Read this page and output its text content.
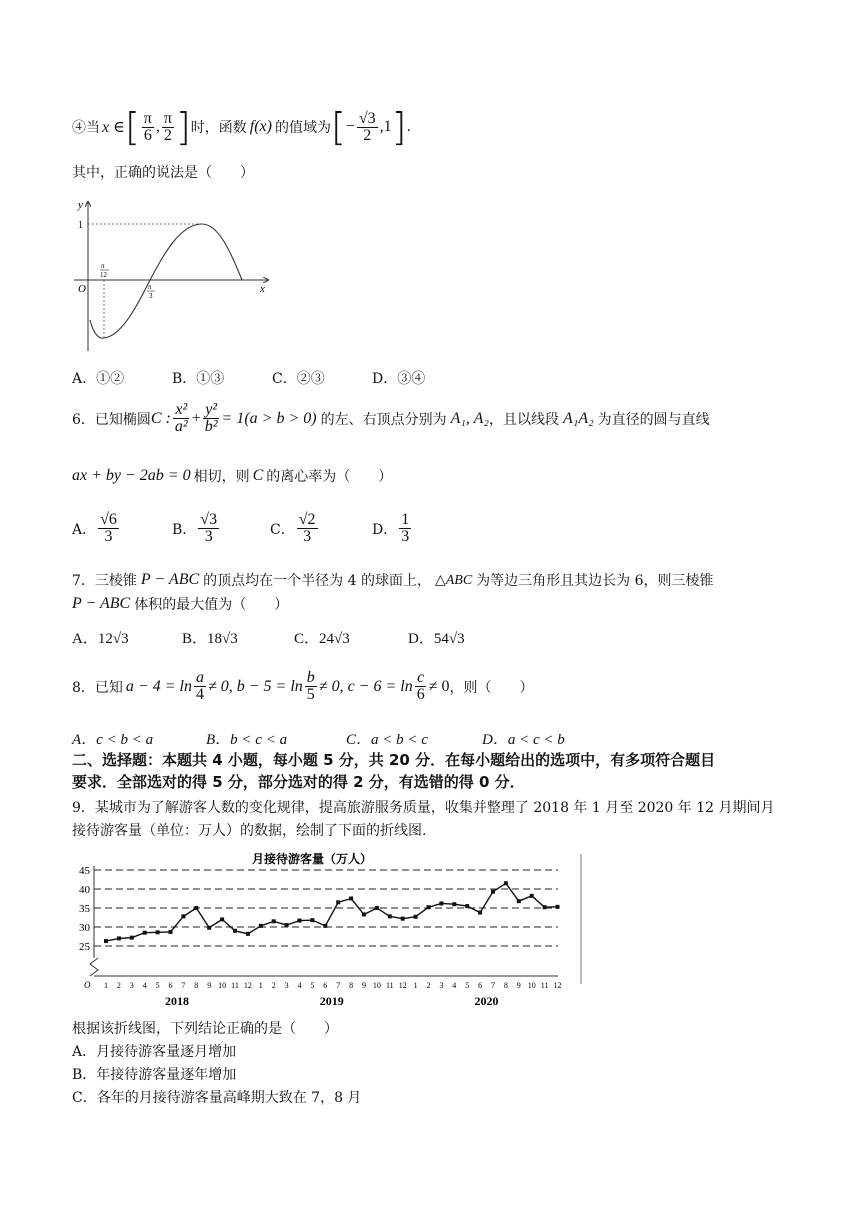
④当 x ∈ [ $\frac{\pi}{6}$ , $\frac{\pi}{2}$ ] 时，函数 f(x) 的值域为 [ − $\frac{√3}{2} ,1$ ] .
其中，正确的说法是（　　）
y
x
O
1
π
12
π
3
A．①②	B．①③	C．②③	D．③④
6．已知椭圆 C : $\frac{\text{x²}}{\text{a²}} + \frac{\text{y²}}{\text{b²}} = 1(a > b > 0)$ 的左、右顶点分别为 A₁, A₂ ，且以线段 A₁A₂ 为直径的圆与直线
ax + by − 2ab = 0 相切，则 C 的离心率为（　　）
A． $\frac{√6}{3}$	B． $\frac{√3}{3}$	C． $\frac{√2}{3}$	D． $\frac{1}{3}$
7．三棱锥 P − ABC 的顶点均在一个半径为 4 的球面上， △ABC 为等边三角形且其边长为 6，则三棱锥
P − ABC 体积的最大值为（　　）
A．12√3	B．18√3	C．24√3	D．54√3
8．已知 $a - 4 = \ln \frac{a}{4} \ne 0$, $b - 5 = \ln \frac{b}{5} \ne 0$, $c - 6 = \ln \frac{c}{6} \ne 0$ ，则（　　）
A．c < b < a	B．b < c < a	C．a < b < c	D．a < c < b
二、选择题：本题共 4 小题，每小题 5 分，共 20 分．在每小题给出的选项中，有多项符合题目
要求．全部选对的得 5 分，部分选对的得 2 分，有选错的得 0 分．
9．某城市为了解游客人数的变化规律，提高旅游服务质量，收集并整理了 2018 年 1 月至 2020 年 12 月期间月
接待游客量（单位：万人）的数据，绘制了下面的折线图.
月接待游客量（万人）
25
30
35
40
45
O 1 2 3 4 5 6 7 8 9 10 11 12 1 2 3 4 5 6 7 8 9 10 11 12 1 2 3 4 5 6 7 8 9 10 11 12
2018	2019	2020
根据该折线图，下列结论正确的是（　　）
A．月接待游客量逐月增加
B．年接待游客量逐年增加
C．各年的月接待游客量高峰期大致在 7，8 月
